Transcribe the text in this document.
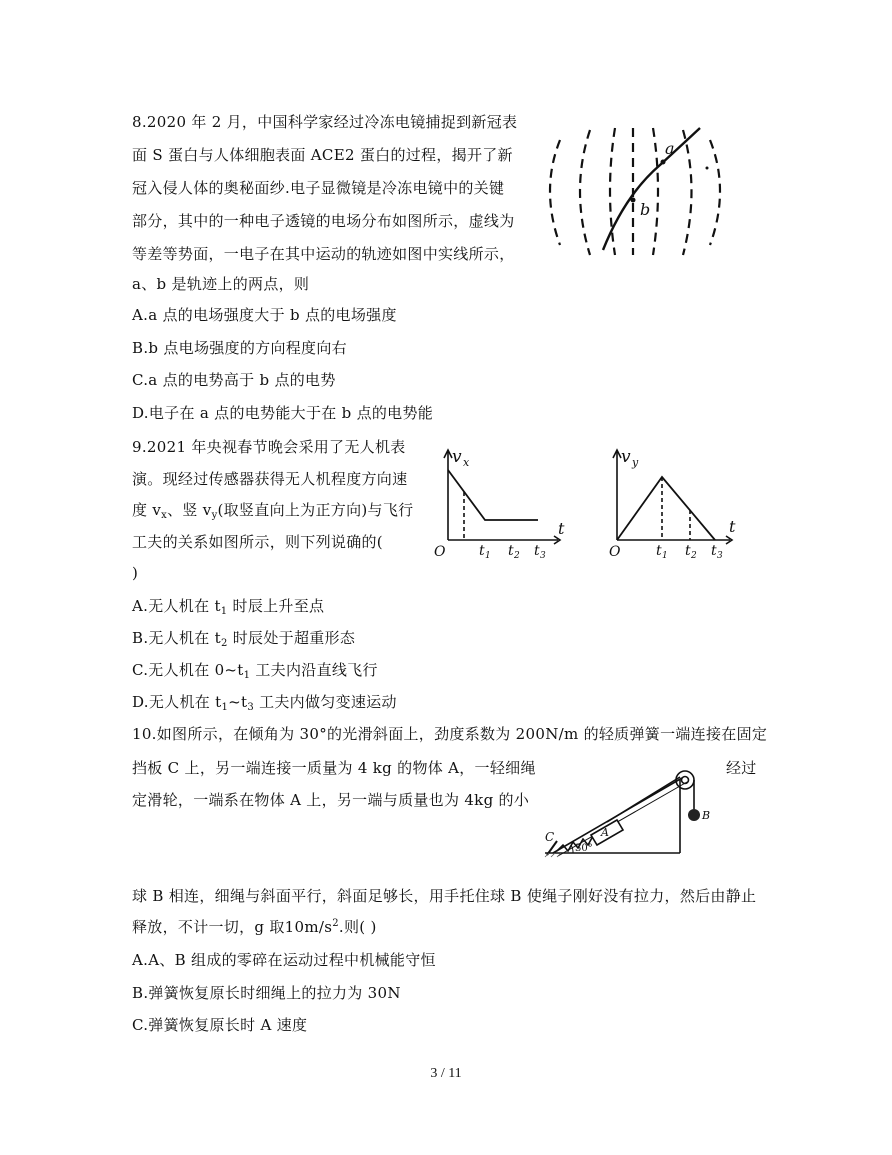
8.2020 年 2 月，中国科学家经过冷冻电镜捕捉到新冠表
面 S 蛋白与人体细胞表面 ACE2 蛋白的过程，揭开了新
冠入侵人体的奥秘面纱.电子显微镜是冷冻电镜中的关键
部分，其中的一种电子透镜的电场分布如图所示，虚线为
等差等势面，一电子在其中运动的轨迹如图中实线所示，
a、b 是轨迹上的两点，则
A.a 点的电场强度大于 b 点的电场强度
B.b 点电场强度的方向程度向右
C.a 点的电势高于 b 点的电势
D.电子在 a 点的电势能大于在 b 点的电势能
a
b
9.2021 年央视春节晚会采用了无人机表
演。现经过传感器获得无人机程度方向速
度 $v_x$、竖 $v_y$(取竖直向上为正方向)与飞行
工夫的关系如图所示，则下列说确的(
)
A.无人机在 $t_1$ 时辰上升至点
B.无人机在 $t_2$ 时辰处于超重形态
C.无人机在 $0\sim t_1$ 工夫内沿直线飞行
D.无人机在 $t_1\sim t_3$ 工夫内做匀变速运动
v x
t
O t 1 t 2 t 3
v y
t
O	t 1 t 2 t 3
10.如图所示，在倾角为 30°的光滑斜面上，劲度系数为 200N/m 的轻质弹簧一端连接在固定
挡板 C 上，另一端连接一质量为 4 kg 的物体 A，一轻细绳	经过
定滑轮，一端系在物体 A 上，另一端与质量也为 4kg 的小
C	A
B
30°
球 B 相连，细绳与斜面平行，斜面足够长，用手托住球 B 使绳子刚好没有拉力，然后由静止
释放，不计一切，g 取$10m/s^2$.则( )
A.A、B 组成的零碎在运动过程中机械能守恒
B.弹簧恢复原长时细绳上的拉力为 30N
C.弹簧恢复原长时 A 速度
3 / 11
